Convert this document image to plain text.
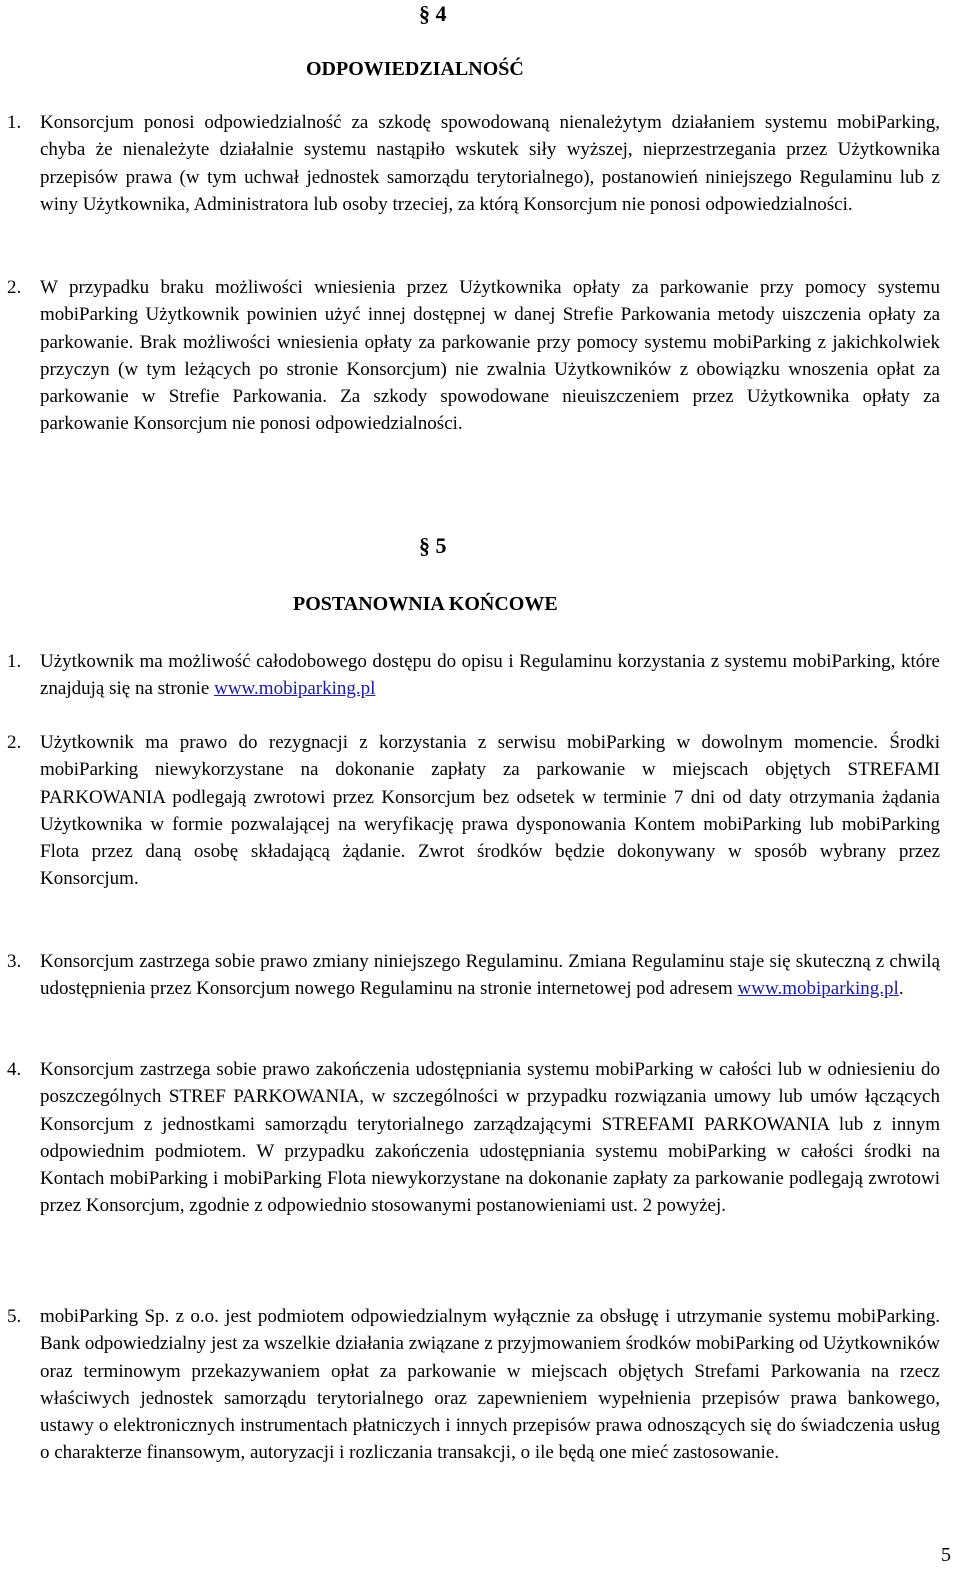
§ 4
ODPOWIEDZIALNOŚĆ
1. Konsorcjum ponosi odpowiedzialność za szkodę spowodowaną nienależytym działaniem systemu mobiParking, chyba że nienależyte działalnie systemu nastąpiło wskutek siły wyższej, nieprzestrzegania przez Użytkownika przepisów prawa (w tym uchwał jednostek samorządu terytorialnego), postanowień niniejszego Regulaminu lub z winy Użytkownika, Administratora lub osoby trzeciej, za którą Konsorcjum nie ponosi odpowiedzialności.
2. W przypadku braku możliwości wniesienia przez Użytkownika opłaty za parkowanie przy pomocy systemu mobiParking Użytkownik powinien użyć innej dostępnej w danej Strefie Parkowania metody uiszczenia opłaty za parkowanie. Brak możliwości wniesienia opłaty za parkowanie przy pomocy systemu mobiParking z jakichkolwiek przyczyn (w tym leżących po stronie Konsorcjum) nie zwalnia Użytkowników z obowiązku wnoszenia opłat za parkowanie w Strefie Parkowania. Za szkody spowodowane nieuiszczeniem przez Użytkownika opłaty za parkowanie Konsorcjum nie ponosi odpowiedzialności.
§ 5
POSTANOWNIA KOŃCOWE
1. Użytkownik ma możliwość całodobowego dostępu do opisu i Regulaminu korzystania z systemu mobiParking, które znajdują się na stronie www.mobiparking.pl
2. Użytkownik ma prawo do rezygnacji z korzystania z serwisu mobiParking w dowolnym momencie. Środki mobiParking niewykorzystane na dokonanie zapłaty za parkowanie w miejscach objętych STREFAMI PARKOWANIA podlegają zwrotowi przez Konsorcjum bez odsetek w terminie 7 dni od daty otrzymania żądania Użytkownika w formie pozwalającej na weryfikację prawa dysponowania Kontem mobiParking lub mobiParking Flota przez daną osobę składającą żądanie. Zwrot środków będzie dokonywany w sposób wybrany przez Konsorcjum.
3. Konsorcjum zastrzega sobie prawo zmiany niniejszego Regulaminu. Zmiana Regulaminu staje się skuteczną z chwilą udostępnienia przez Konsorcjum nowego Regulaminu na stronie internetowej pod adresem www.mobiparking.pl.
4. Konsorcjum zastrzega sobie prawo zakończenia udostępniania systemu mobiParking w całości lub w odniesieniu do poszczególnych STREF PARKOWANIA, w szczególności w przypadku rozwiązania umowy lub umów łączących Konsorcjum z jednostkami samorządu terytorialnego zarządzającymi STREFAMI PARKOWANIA lub z innym odpowiednim podmiotem. W przypadku zakończenia udostępniania systemu mobiParking w całości środki na Kontach mobiParking i mobiParking Flota niewykorzystane na dokonanie zapłaty za parkowanie podlegają zwrotowi przez Konsorcjum, zgodnie z odpowiednio stosowanymi postanowieniami ust. 2 powyżej.
5. mobiParking Sp. z o.o. jest podmiotem odpowiedzialnym wyłącznie za obsługę i utrzymanie systemu mobiParking. Bank odpowiedzialny jest za wszelkie działania związane z przyjmowaniem środków mobiParking od Użytkowników oraz terminowym przekazywaniem opłat za parkowanie w miejscach objętych Strefami Parkowania na rzecz właściwych jednostek samorządu terytorialnego oraz zapewnieniem wypełnienia przepisów prawa bankowego, ustawy o elektronicznych instrumentach płatniczych i innych przepisów prawa odnoszących się do świadczenia usług o charakterze finansowym, autoryzacji i rozliczania transakcji, o ile będą one mieć zastosowanie.
5
